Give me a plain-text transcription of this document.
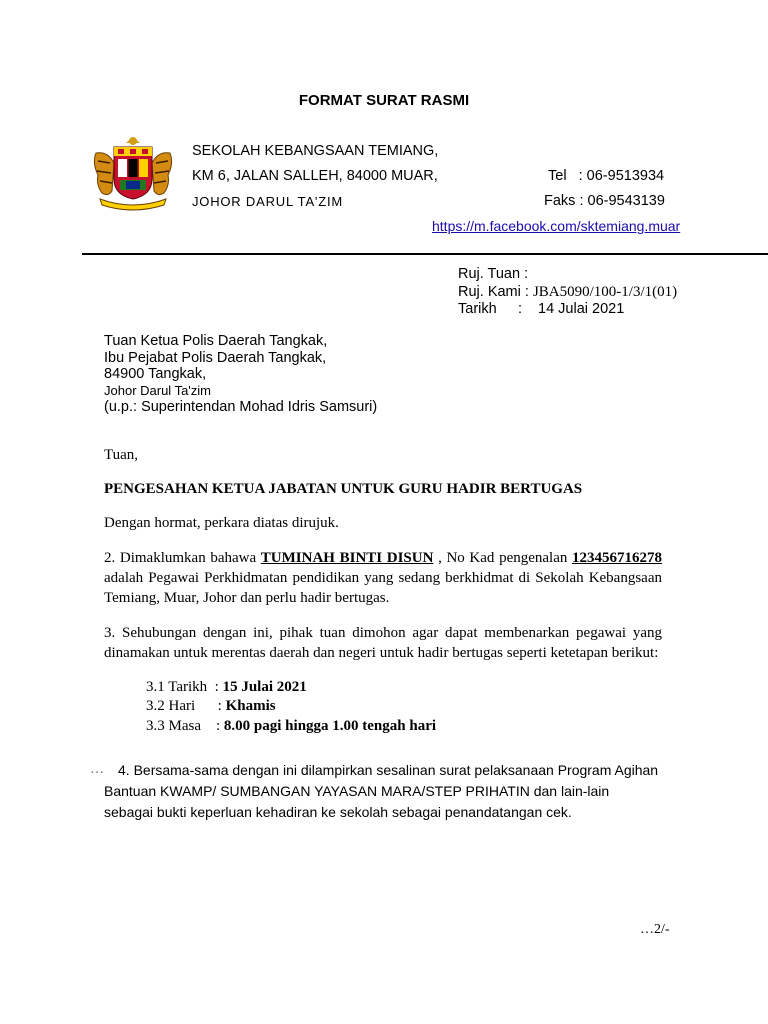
FORMAT SURAT RASMI
SEKOLAH KEBANGSAAN TEMIANG,
KM 6, JALAN SALLEH, 84000 MUAR,
JOHOR DARUL TA'ZIM
Tel   : 06-9513934
Faks : 06-9543139
https://m.facebook.com/sktemiang.muar
Ruj. Tuan :
Ruj. Kami : JBA5090/100-1/3/1(01)
Tarikh : 14 Julai 2021
Tuan Ketua Polis Daerah Tangkak,
Ibu Pejabat Polis Daerah Tangkak,
84900 Tangkak,
Johor Darul Ta'zim
(u.p.: Superintendan Mohad Idris Samsuri)
Tuan,
PENGESAHAN KETUA JABATAN UNTUK GURU HADIR BERTUGAS
Dengan hormat, perkara diatas dirujuk.
2. Dimaklumkan bahawa TUMINAH BINTI DISUN , No Kad pengenalan 123456716278
adalah Pegawai Perkhidmatan pendidikan yang sedang berkhidmat di Sekolah Kebangsaan Temiang, Muar, Johor dan perlu hadir bertugas.
3. Sehubungan dengan ini, pihak tuan dimohon agar dapat membenarkan pegawai yang dinamakan untuk merentas daerah dan negeri untuk hadir bertugas seperti ketetapan berikut:
3.1 Tarikh  : 15 Julai 2021
3.2 Hari      : Khamis
3.3 Masa    : 8.00 pagi hingga 1.00 tengah hari
…	4. Bersama-sama dengan ini dilampirkan sesalinan surat pelaksanaan Program Agihan
Bantuan KWAMP/ SUMBANGAN YAYASAN MARA/STEP PRIHATIN dan lain-lain
sebagai bukti keperluan kehadiran ke sekolah sebagai penandatangan cek.
…2/-
